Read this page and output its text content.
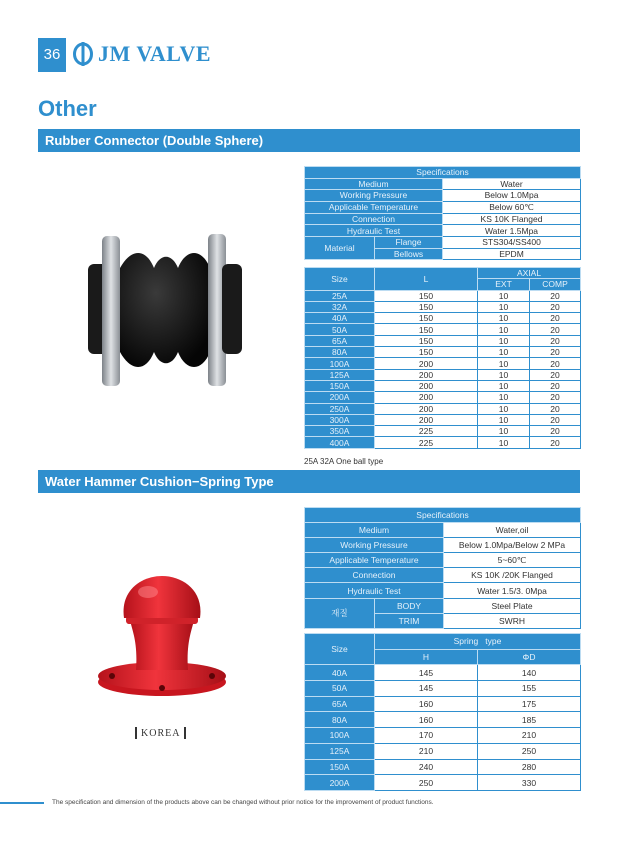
36 JM VALVE
Other
Rubber Connector (Double Sphere)
Specifications		
Medium		Water
Working Pressure		Below 1.0Mpa
Applicable Temperature		Below 60℃
Connection		KS 10K Flanged
Hydraulic Test		Water 1.5Mpa
Material	Flange	STS304/SS400
	Bellows	EPDM
Size	L	AXIAL	
		EXT	COMP
25A	150	10	20
32A	150	10	20
40A	150	10	20
50A	150	10	20
65A	150	10	20
80A	150	10	20
100A	200	10	20
125A	200	10	20
150A	200	10	20
200A	200	10	20
250A	200	10	20
300A	200	10	20
350A	225	10	20
400A	225	10	20
25A 32A One ball type
Water Hammer Cushion−Spring Type
KOREA
Specifications		
Medium		Water,oil
Working Pressure		Below 1.0Mpa/Below 2 MPa
Applicable Temperature		5~60℃
Connection		KS 10K /20K Flanged
Hydraulic Test		Water 1.5/3. 0Mpa
재질	BODY	Steel Plate
	TRIM	SWRH
Size	Spring   type	
	H	ΦD
40A	145	140
50A	145	155
65A	160	175
80A	160	185
100A	170	210
125A	210	250
150A	240	280
200A	250	330
The specification and dimension of the products above can be changed without prior notice for the improvement of product functions.
